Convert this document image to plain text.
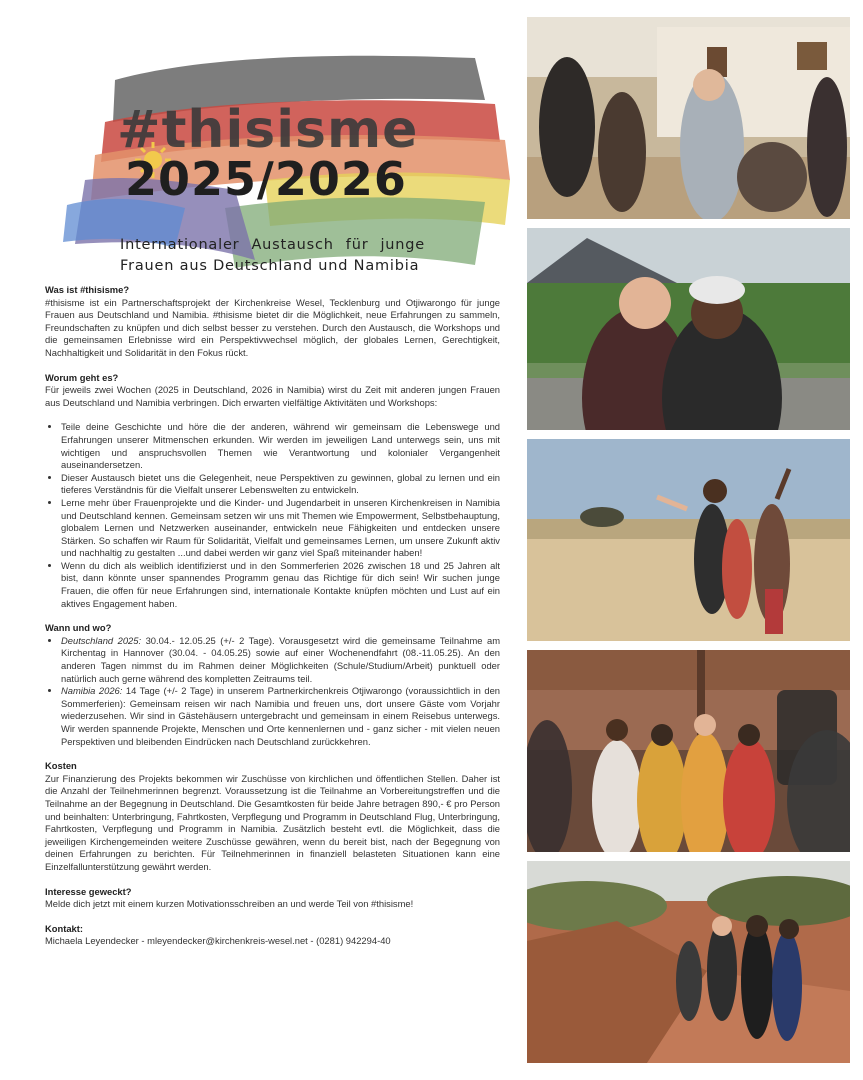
#thisisme
2025/2026
Internationaler Austausch für junge
Frauen aus Deutschland und Namibia

Was ist #thisisme?

#thisisme ist ein Partnerschaftsprojekt der Kirchenkreise Wesel, Tecklenburg und Otjiwarongo für junge Frauen aus Deutschland und Namibia. #thisisme bietet dir die Möglichkeit, neue Erfahrungen zu sammeln, Freundschaften zu knüpfen und dich selbst besser zu verstehen. Durch den Austausch, die Workshops und die gemeinsamen Erlebnisse wird ein Perspektivwechsel möglich, der globales Lernen, Gerechtigkeit, Nachhaltigkeit und Solidarität in den Fokus rückt.

Worum geht es?

Für jeweils zwei Wochen (2025 in Deutschland, 2026 in Namibia) wirst du Zeit mit anderen jungen Frauen aus Deutschland und Namibia verbringen. Dich erwarten vielfältige Aktivitäten und Workshops:

• Teile deine Geschichte und höre die der anderen, während wir gemeinsam die Lebenswege und Erfahrungen unserer Mitmenschen erkunden. Wir werden im jeweiligen Land unterwegs sein, uns mit wichtigen und anspruchsvollen Themen wie Verantwortung und kolonialer Vergangenheit auseinandersetzen.
• Dieser Austausch bietet uns die Gelegenheit, neue Perspektiven zu gewinnen, global zu lernen und ein tieferes Verständnis für die Vielfalt unserer Lebenswelten zu entwickeln.
• Lerne mehr über Frauenprojekte und die Kinder- und Jugendarbeit in unseren Kirchenkreisen in Namibia und Deutschland kennen. Gemeinsam setzen wir uns mit Themen wie Empowerment, Selbstbehauptung, globalem Lernen und Netzwerken auseinander, entwickeln neue Fähigkeiten und entdecken unsere Stärken. So schaffen wir Raum für Solidarität, Vielfalt und gemeinsames Lernen, um unsere Zukunft aktiv und nachhaltig zu gestalten ...und dabei werden wir ganz viel Spaß miteinander haben!
• Wenn du dich als weiblich identifizierst und in den Sommerferien 2026 zwischen 18 und 25 Jahren alt bist, dann könnte unser spannendes Programm genau das Richtige für dich sein! Wir suchen junge Frauen, die offen für neue Erfahrungen sind, internationale Kontakte knüpfen möchten und Lust auf ein aktives Engagement haben.

Wann und wo?

• Deutschland 2025: 30.04.- 12.05.25 (+/- 2 Tage). Vorausgesetzt wird die gemeinsame Teilnahme am Kirchentag in Hannover (30.04. - 04.05.25) sowie auf einer Wochenendfahrt (08.-11.05.25). An den anderen Tagen nimmst du im Rahmen deiner Möglichkeiten (Schule/Studium/Arbeit) punktuell oder natürlich auch gerne während des kompletten Zeitraums teil.
• Namibia 2026: 14 Tage (+/- 2 Tage) in unserem Partnerkirchenkreis Otjiwarongo (voraussichtlich in den Sommerferien): Gemeinsam reisen wir nach Namibia und freuen uns, dort unsere Gäste vom Vorjahr wiederzusehen. Wir sind in Gästehäusern untergebracht und gemeinsam in einem Reisebus unterwegs. Wir werden spannende Projekte, Menschen und Orte kennenlernen und - ganz sicher - mit vielen neuen Perspektiven und bleibenden Eindrücken nach Deutschland zurückkehren.

Kosten

Zur Finanzierung des Projekts bekommen wir Zuschüsse von kirchlichen und öffentlichen Stellen. Daher ist die Anzahl der Teilnehmerinnen begrenzt. Voraussetzung ist die Teilnahme an Vorbereitungstreffen und die Teilnahme an der Begegnung in Deutschland. Die Gesamtkosten für beide Jahre betragen 890,- € pro Person und beinhalten: Unterbringung, Fahrtkosten, Verpflegung und Programm in Deutschland Flug, Unterbringung, Fahrtkosten, Verpflegung und Programm in Namibia. Zusätzlich besteht evtl. die Möglichkeit, dass die jeweiligen Kirchengemeinden weitere Zuschüsse gewähren, wenn du bereit bist, nach der Begegnung von deinen Erfahrungen zu berichten. Für Teilnehmerinnen in finanziell belasteten Situationen kann eine Einzelfallunterstützung gewährt werden.

Interesse geweckt?

Melde dich jetzt mit einem kurzen Motivationsschreiben an und werde Teil von #thisisme!

Kontakt:

Michaela Leyendecker - mleyendecker@kirchenkreis-wesel.net - (0281) 942294-40
